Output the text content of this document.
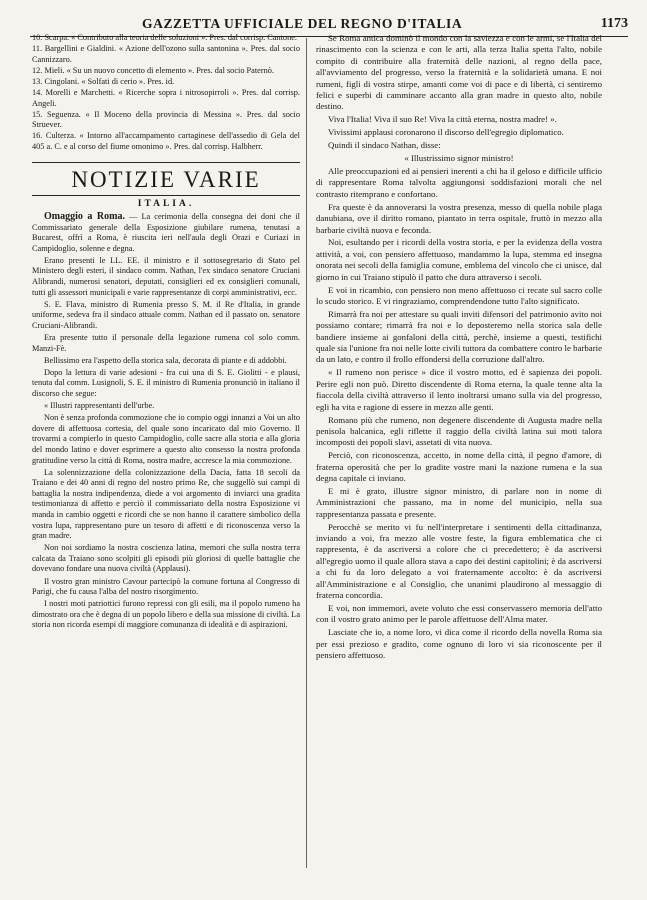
GAZZETTA UFFICIALE DEL REGNO D'ITALIA	1173

10. Scarpa. « Contributo alla teoria delle soluzioni ». Pres. dal corrisp. Cantone.

11. Bargellini e Gialdini. « Azione dell'ozono sulla santonina ». Pres. dal socio Cannizzaro.

12. Mieli. « Su un nuovo concetto di elemento ». Pres. dal socio Paternò.

13. Cingolani. « Solfati di cerio ». Pres. id.

14. Morelli e Marchetti. « Ricerche sopra i nitrosopirroli ». Pres. dal corrisp. Angeli.

15. Seguenza. « Il Moceno della provincia di Messina ». Pres. dal socio Struever.

16. Culterza. « Intorno all'accampamento cartaginese dell'assedio di Gela del 405 a. C. e al corso del fiume omonimo ». Pres. dal corrisp. Halbherr.

NOTIZIE VARIE
ITALIA.

Omaggio a Roma. — La cerimonia della consegna dei doni che il Commissariato generale della Esposizione giubilare rumena, tenutasi a Bucarest, offrì a Roma, è riuscita ieri nell'aula degli Orazi e Curiazi in Campidoglio, solenne e degna.

Erano presenti le LL. EE. il ministro e il sottosegretario di Stato pel Ministero degli esteri, il sindaco comm. Nathan, l'ex sindaco senatore Cruciani Alibrandi, numerosi senatori, deputati, consiglieri ed ex consiglieri comunali, tutti gli assessori municipali e varie rappresentanze di corpi amministrativi, ecc.

S. E. Flava, ministro di Rumenia presso S. M. il Re d'Italia, in grande uniforme, sedeva fra il sindaco attuale comm. Nathan ed il passato on. senatore Cruciani-Alibrandi.

Era presente tutto il personale della legazione rumena col solo comm. Manzi-Fè.

Bellissimo era l'aspetto della storica sala, decorata di piante e di addobbi.

Dopo la lettura di varie adesioni - fra cui una di S. E. Giolitti - e plausi, tenuta dal comm. Lusignoli, S. E. il ministro di Rumenia pronunciò in italiano il discorso che segue:

« Illustri rappresentanti dell'urbe.

Non è senza profonda commozione che io compio oggi innanzi a Voi un alto dovere di affettuosa cortesia, del quale sono incaricato dal mio Governo. Il trovarmi a compierlo in questo Campidoglio, colle sacre alla storia e alla gloria del mondo latino e dover esprimere a questo alto consesso la nostra profonda gratitudine verso la città di Roma, nostra madre, accresce la mia commozione.

La solennizzazione della colonizzazione della Dacia, fatta 18 secoli da Traiano e dei 40 anni di regno del nostro primo Re, che suggellò sui campi di battaglia la nostra indipendenza, diede a voi argomento di inviarci una gradita testimonianza di affetto e perciò il commissariato della nostra Esposizione vi manda in cambio oggetti e ricordi che se non hanno il carattere simbolico della vostra lupa, rappresentano pure un tesoro di affetti e di riconoscenza verso la gran madre.

Non noi sordiamo la nostra coscienza latina, memori che sulla nostra terra calcata da Traiano sono scolpiti gli episodi più gloriosi di quelle battaglie che dovevano fondare una nuova civiltà (Applausi).

Il vostro gran ministro Cavour partecipò la comune fortuna al Congresso di Parigi, che fu causa l'alba del nostro risorgimento.

I nostri moti patriottici furono repressi con gli esili, ma il popolo rumeno ha dimostrato ora che è degna di un popolo libero e della sua missione di civiltà. La storia non ricorda esempi di maggiore comunanza di idealità e di aspirazioni.

Se Roma antica dominò il mondo con la saviezza e con le armi, se l'Italia del rinascimento con la scienza e con le arti, alla terza Italia spetta l'alto, nobile compito di contribuire alla fraternità delle nazioni, al regno della pace, all'avviamento del progresso, verso la fraternità e la solidarietà umana. E noi rumeni, figli di vostra stirpe, amanti come voi di pace e di libertà, ci sentiremo felici e superbi di camminare accanto alla gran madre in questo alto, nobile destino.

Viva l'Italia! Viva il suo Re! Viva la città eterna, nostra madre! ».

Vivissimi applausi coronarono il discorso dell'egregio diplomatico.

Quindi il sindaco Nathan, disse:

« Illustrissimo signor ministro!

Alle preoccupazioni ed ai pensieri inerenti a chi ha il geloso e difficile ufficio di rappresentare Roma talvolta aggiungonsi soddisfazioni morali che nel contrasto ritemprano e confortano.

Fra queste è da annoverarsi la vostra presenza, messo di quella nobile plaga danubiana, ove il diritto romano, piantato in terra ospitale, fruttò in mezzo alla barbarie civiltà nuova e feconda.

Noi, esultando per i ricordi della vostra storia, e per la evidenza della vostra attività, a voi, con pensiero affettuoso, mandammo la lupa, stemma ed insegna onorata nei secoli della famiglia comune, emblema del vincolo che ci unisce, dal giorno in cui Traiano stipulò il patto che dura attraverso i secoli.

E voi in ricambio, con pensiero non meno affettuoso ci recate sul sacro colle lo scudo storico. E vi ringraziamo, comprendendone tutto l'alto significato.

Rimarrà fra noi per attestare su quali inviti difensori del patrimonio avito noi possiamo contare; rimarrà fra noi e lo deposteremo nella storica sala delle bandiere insieme ai gonfaloni della città, perchè, insieme a questi, testifichi quale sia l'unione fra noi nelle lotte civili tuttora da combattere contro le barbarie da un lato, e contro il frollo effondersi della corruzione dall'altro.

« Il rumeno non perisce » dice il vostro motto, ed è sapienza dei popoli. Perire egli non può. Diretto discendente di Roma eterna, la quale tenne alta la fiaccola della civiltà attraverso il lento inoltrarsi umano sulla via del progresso, egli ha vita e ragione di essere in mezzo alle genti.

Romano più che rumeno, non degenere discendente di Augusta madre nella penisola balcanica, egli riflette il raggio della civiltà latina sui moti talora incomposti dei popoli slavi, assetati di vita nuova.

Perciò, con riconoscenza, accetto, in nome della città, il pegno d'amore, di fraterna operosità che per lo gradite vostre mani la nazione rumena e la sua degna capitale ci inviano.

E mi è grato, illustre signor ministro, di parlare non in nome di Amministrazioni che passano, ma in nome del municipio, nella sua rappresentanza passata e presente.

Perocchè se merito vi fu nell'interpretare i sentimenti della cittadinanza, inviando a voi, fra mezzo alle vostre feste, la figura emblematica che ci rappresenta, è da ascriversi a colore che ci precedettero; è da ascriversi all'egregio uomo il quale allora stava a capo dei destini capitolini; è da ascriversi a chi fu da loro delegato a voi fraternamente accolto: è da ascriversi all'Amministrazione e al Consiglio, che unanimi plaudirono al messaggio di fraterna concordia.

E voi, non immemori, avete voluto che essi conservassero memoria dell'atto con il vostro grato animo per le parole affettuose dell'Alma mater.

Lasciate che io, a nome loro, vi dica come il ricordo della novella Roma sia per essi prezioso e gradito, come ognuno di loro vi sia riconoscente per il pensiero affettuoso.
